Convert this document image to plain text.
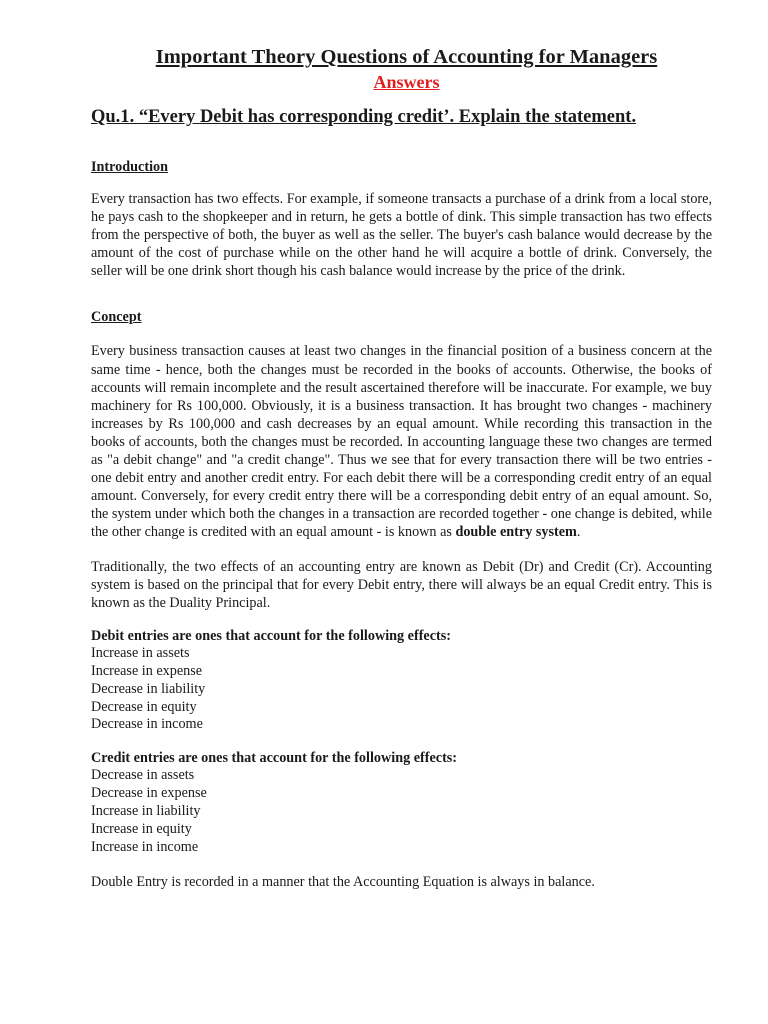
Important Theory Questions of Accounting for Managers
Answers
Qu.1. “Every Debit has corresponding credit’. Explain the statement.
Introduction

Every transaction has two effects. For example, if someone transacts a purchase of a drink from a local store, he pays cash to the shopkeeper and in return, he gets a bottle of dink. This simple transaction has two effects from the perspective of both, the buyer as well as the seller. The buyer's cash balance would decrease by the amount of the cost of purchase while on the other hand he will acquire a bottle of drink. Conversely, the seller will be one drink short though his cash balance would increase by the price of the drink.

Concept

Every business transaction causes at least two changes in the financial position of a business concern at the same time - hence, both the changes must be recorded in the books of accounts. Otherwise, the books of accounts will remain incomplete and the result ascertained therefore will be inaccurate. For example, we buy machinery for Rs 100,000. Obviously, it is a business transaction. It has brought two changes - machinery increases by Rs 100,000 and cash decreases by an equal amount. While recording this transaction in the books of accounts, both the changes must be recorded. In accounting language these two changes are termed as "a debit change" and "a credit change". Thus we see that for every transaction there will be two entries - one debit entry and another credit entry. For each debit there will be a corresponding credit entry of an equal amount. Conversely, for every credit entry there will be a corresponding debit entry of an equal amount. So, the system under which both the changes in a transaction are recorded together - one change is debited, while the other change is credited with an equal amount - is known as double entry system.

Traditionally, the two effects of an accounting entry are known as Debit (Dr) and Credit (Cr). Accounting system is based on the principal that for every Debit entry, there will always be an equal Credit entry. This is known as the Duality Principal.

Debit entries are ones that account for the following effects:
Increase in assets
Increase in expense
Decrease in liability
Decrease in equity
Decrease in income
Credit entries are ones that account for the following effects:
Decrease in assets
Decrease in expense
Increase in liability
Increase in equity
Increase in income

Double Entry is recorded in a manner that the Accounting Equation is always in balance.
